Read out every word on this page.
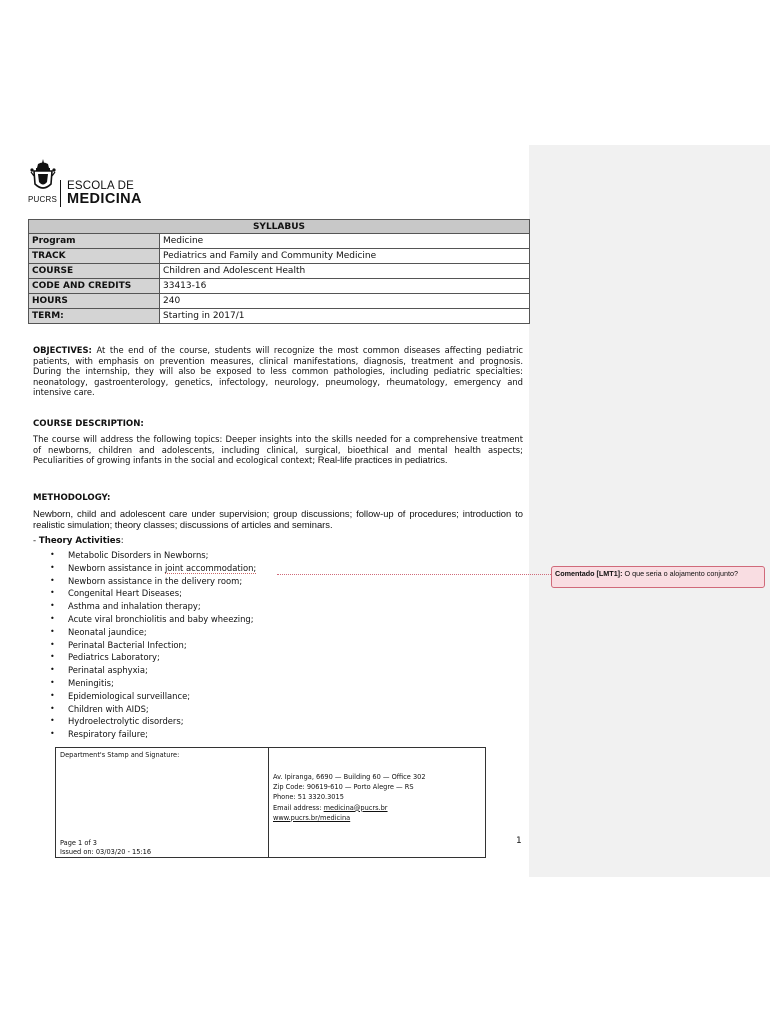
PUCRS
ESCOLA DE
MEDICINA
SYLLABUS	
Program	Medicine
TRACK	Pediatrics and Family and Community Medicine
COURSE	Children and Adolescent Health
CODE AND CREDITS	33413-16
HOURS	240
TERM:	Starting in 2017/1
OBJECTIVES: At the end of the course, students will recognize the most common diseases affecting pediatric patients, with emphasis on prevention measures, clinical manifestations, diagnosis, treatment and prognosis. During the internship, they will also be exposed to less common pathologies, including pediatric specialties: neonatology, gastroenterology, genetics, infectology, neurology, pneumology, rheumatology, emergency and intensive care.
COURSE DESCRIPTION:
The course will address the following topics: Deeper insights into the skills needed for a comprehensive treatment of newborns, children and adolescents, including clinical, surgical, bioethical and mental health aspects; Peculiarities of growing infants in the social and ecological context; Real-life practices in pediatrics.
METHODOLOGY:
Newborn, child and adolescent care under supervision; group discussions; follow-up of procedures; introduction to realistic simulation; theory classes; discussions of articles and seminars.
- Theory Activities:
• Metabolic Disorders in Newborns;
• Newborn assistance in joint accommodation;
• Newborn assistance in the delivery room;
• Congenital Heart Diseases;
• Asthma and inhalation therapy;
• Acute viral bronchiolitis and baby wheezing;
• Neonatal jaundice;
• Perinatal Bacterial Infection;
• Pediatrics Laboratory;
• Perinatal asphyxia;
• Meningitis;
• Epidemiological surveillance;
• Children with AIDS;
• Hydroelectrolytic disorders;
• Respiratory failure;
Comentado [LMT1]: O que seria o alojamento conjunto?
Department's Stamp and Signature:
Page 1 of 3
Issued on: 03/03/20 - 15:16

Av. Ipiranga, 6690 — Building 60 — Office 302
Zip Code: 90619-610 — Porto Alegre — RS
Phone: 51 3320.3015
Email address: medicina@pucrs.br
www.pucrs.br/medicina
1
